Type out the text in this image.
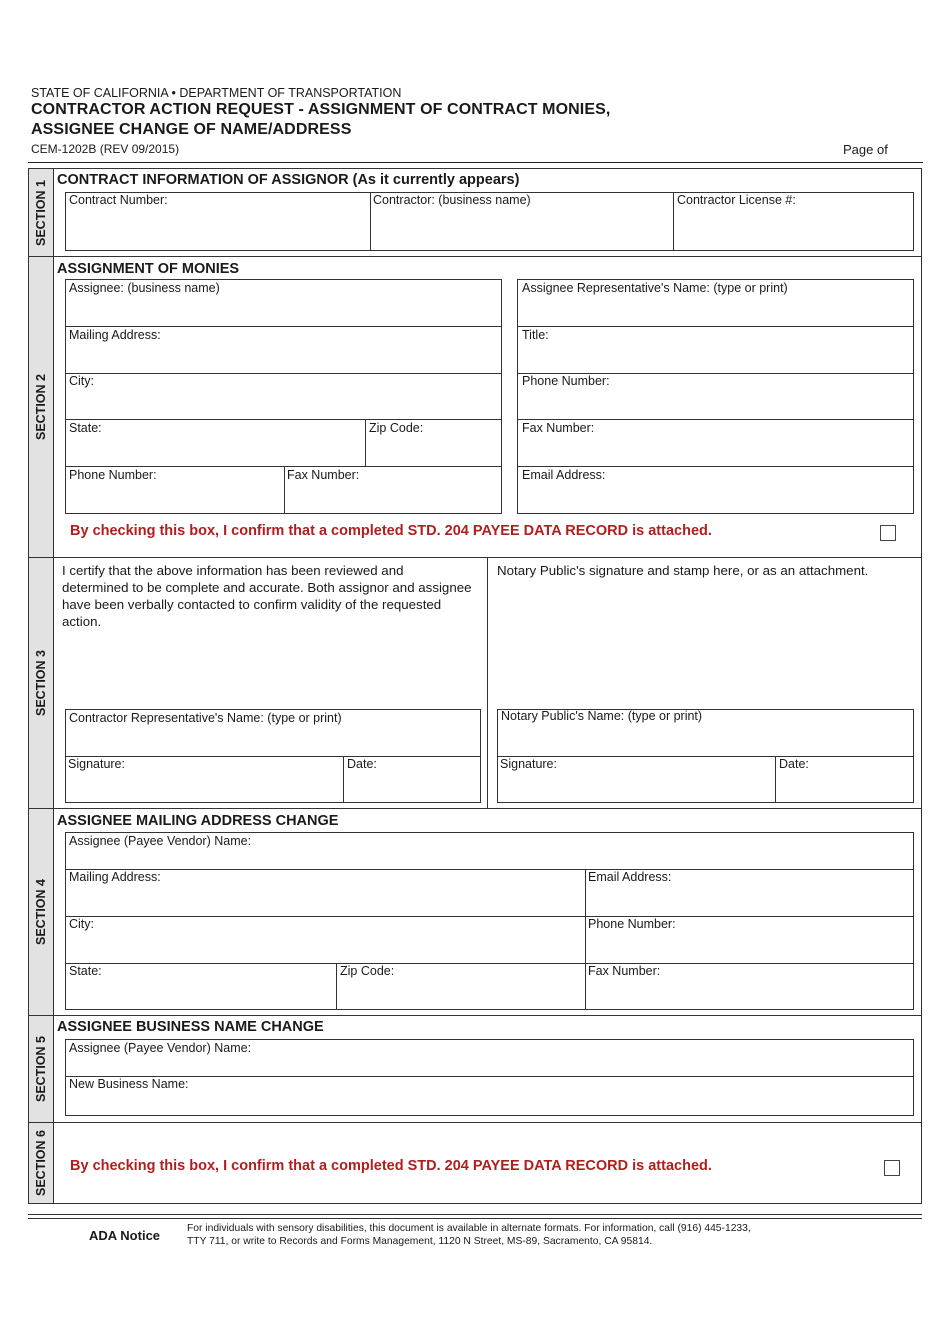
STATE OF CALIFORNIA • DEPARTMENT OF TRANSPORTATION
CONTRACTOR ACTION REQUEST - ASSIGNMENT OF CONTRACT MONIES,
ASSIGNEE CHANGE OF NAME/ADDRESS
CEM-1202B (REV 09/2015)	Page of
SECTION 1 CONTRACT INFORMATION OF ASSIGNOR (As it currently appears)
Contract Number:	Contractor: (business name)	Contractor License #:
SECTION 2
ASSIGNMENT OF MONIES
Assignee: (business name)
Mailing Address:
City:
State:	Zip Code:
Phone Number:	Fax Number:
Assignee Representative's Name: (type or print)
Title:
Phone Number:
Fax Number:
Email Address:
By checking this box, I confirm that a completed STD. 204 PAYEE DATA RECORD is attached.
SECTION 3
I certify that the above information has been reviewed and determined to be complete and accurate. Both assignor and assignee have been verbally contacted to confirm validity of the requested action.
Notary Public's signature and stamp here, or as an attachment.
Contractor Representative's Name: (type or print)
Signature:	Date:
Notary Public's Name: (type or print)
Signature:	Date:
SECTION 4
ASSIGNEE MAILING ADDRESS CHANGE
Assignee (Payee Vendor) Name:
Mailing Address:
City:
State:	Zip Code:
Email Address:
Phone Number:
Fax Number:
SECTION 5
ASSIGNEE BUSINESS NAME CHANGE
Assignee (Payee Vendor) Name:
New Business Name:
SECTION 6 By checking this box, I confirm that a completed STD. 204 PAYEE DATA RECORD is attached.
ADA Notice	For individuals with sensory disabilities, this document is available in alternate formats. For information, call (916) 445-1233,
TTY 711, or write to Records and Forms Management, 1120 N Street, MS-89, Sacramento, CA 95814.
